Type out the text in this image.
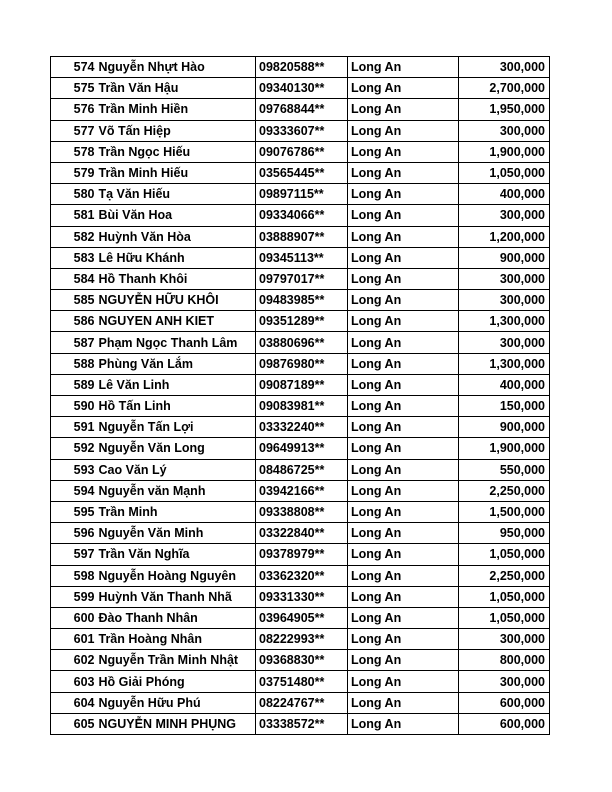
574	Nguyễn Nhựt Hào	09820588**	Long An	300,000
575	Trần Văn Hậu	09340130**	Long An	2,700,000
576	Trần Minh Hiền	09768844**	Long An	1,950,000
577	Võ Tấn Hiệp	09333607**	Long An	300,000
578	Trần Ngọc Hiếu	09076786**	Long An	1,900,000
579	Trần Minh Hiếu	03565445**	Long An	1,050,000
580	Tạ Văn Hiếu	09897115**	Long An	400,000
581	Bùi Văn Hoa	09334066**	Long An	300,000
582	Huỳnh Văn Hòa	03888907**	Long An	1,200,000
583	Lê Hữu Khánh	09345113**	Long An	900,000
584	Hồ Thanh Khôi	09797017**	Long An	300,000
585	NGUYỄN HỮU KHÔI	09483985**	Long An	300,000
586	NGUYEN ANH KIET	09351289**	Long An	1,300,000
587	Phạm Ngọc Thanh Lâm	03880696**	Long An	300,000
588	Phùng Văn Lắm	09876980**	Long An	1,300,000
589	Lê Văn Linh	09087189**	Long An	400,000
590	Hồ Tấn Linh	09083981**	Long An	150,000
591	Nguyễn Tấn Lợi	03332240**	Long An	900,000
592	Nguyễn Văn Long	09649913**	Long An	1,900,000
593	Cao Văn Lý	08486725**	Long An	550,000
594	Nguyễn văn Mạnh	03942166**	Long An	2,250,000
595	Trần Minh	09338808**	Long An	1,500,000
596	Nguyễn Văn Minh	03322840**	Long An	950,000
597	Trần Văn Nghĩa	09378979**	Long An	1,050,000
598	Nguyễn Hoàng Nguyên	03362320**	Long An	2,250,000
599	Huỳnh Văn Thanh Nhã	09331330**	Long An	1,050,000
600	Đào Thanh Nhân	03964905**	Long An	1,050,000
601	Trần Hoàng Nhân	08222993**	Long An	300,000
602	Nguyễn Trần Minh Nhật	09368830**	Long An	800,000
603	Hồ Giải Phóng	03751480**	Long An	300,000
604	Nguyễn Hữu Phú	08224767**	Long An	600,000
605	NGUYỄN MINH PHỤNG	03338572**	Long An	600,000
